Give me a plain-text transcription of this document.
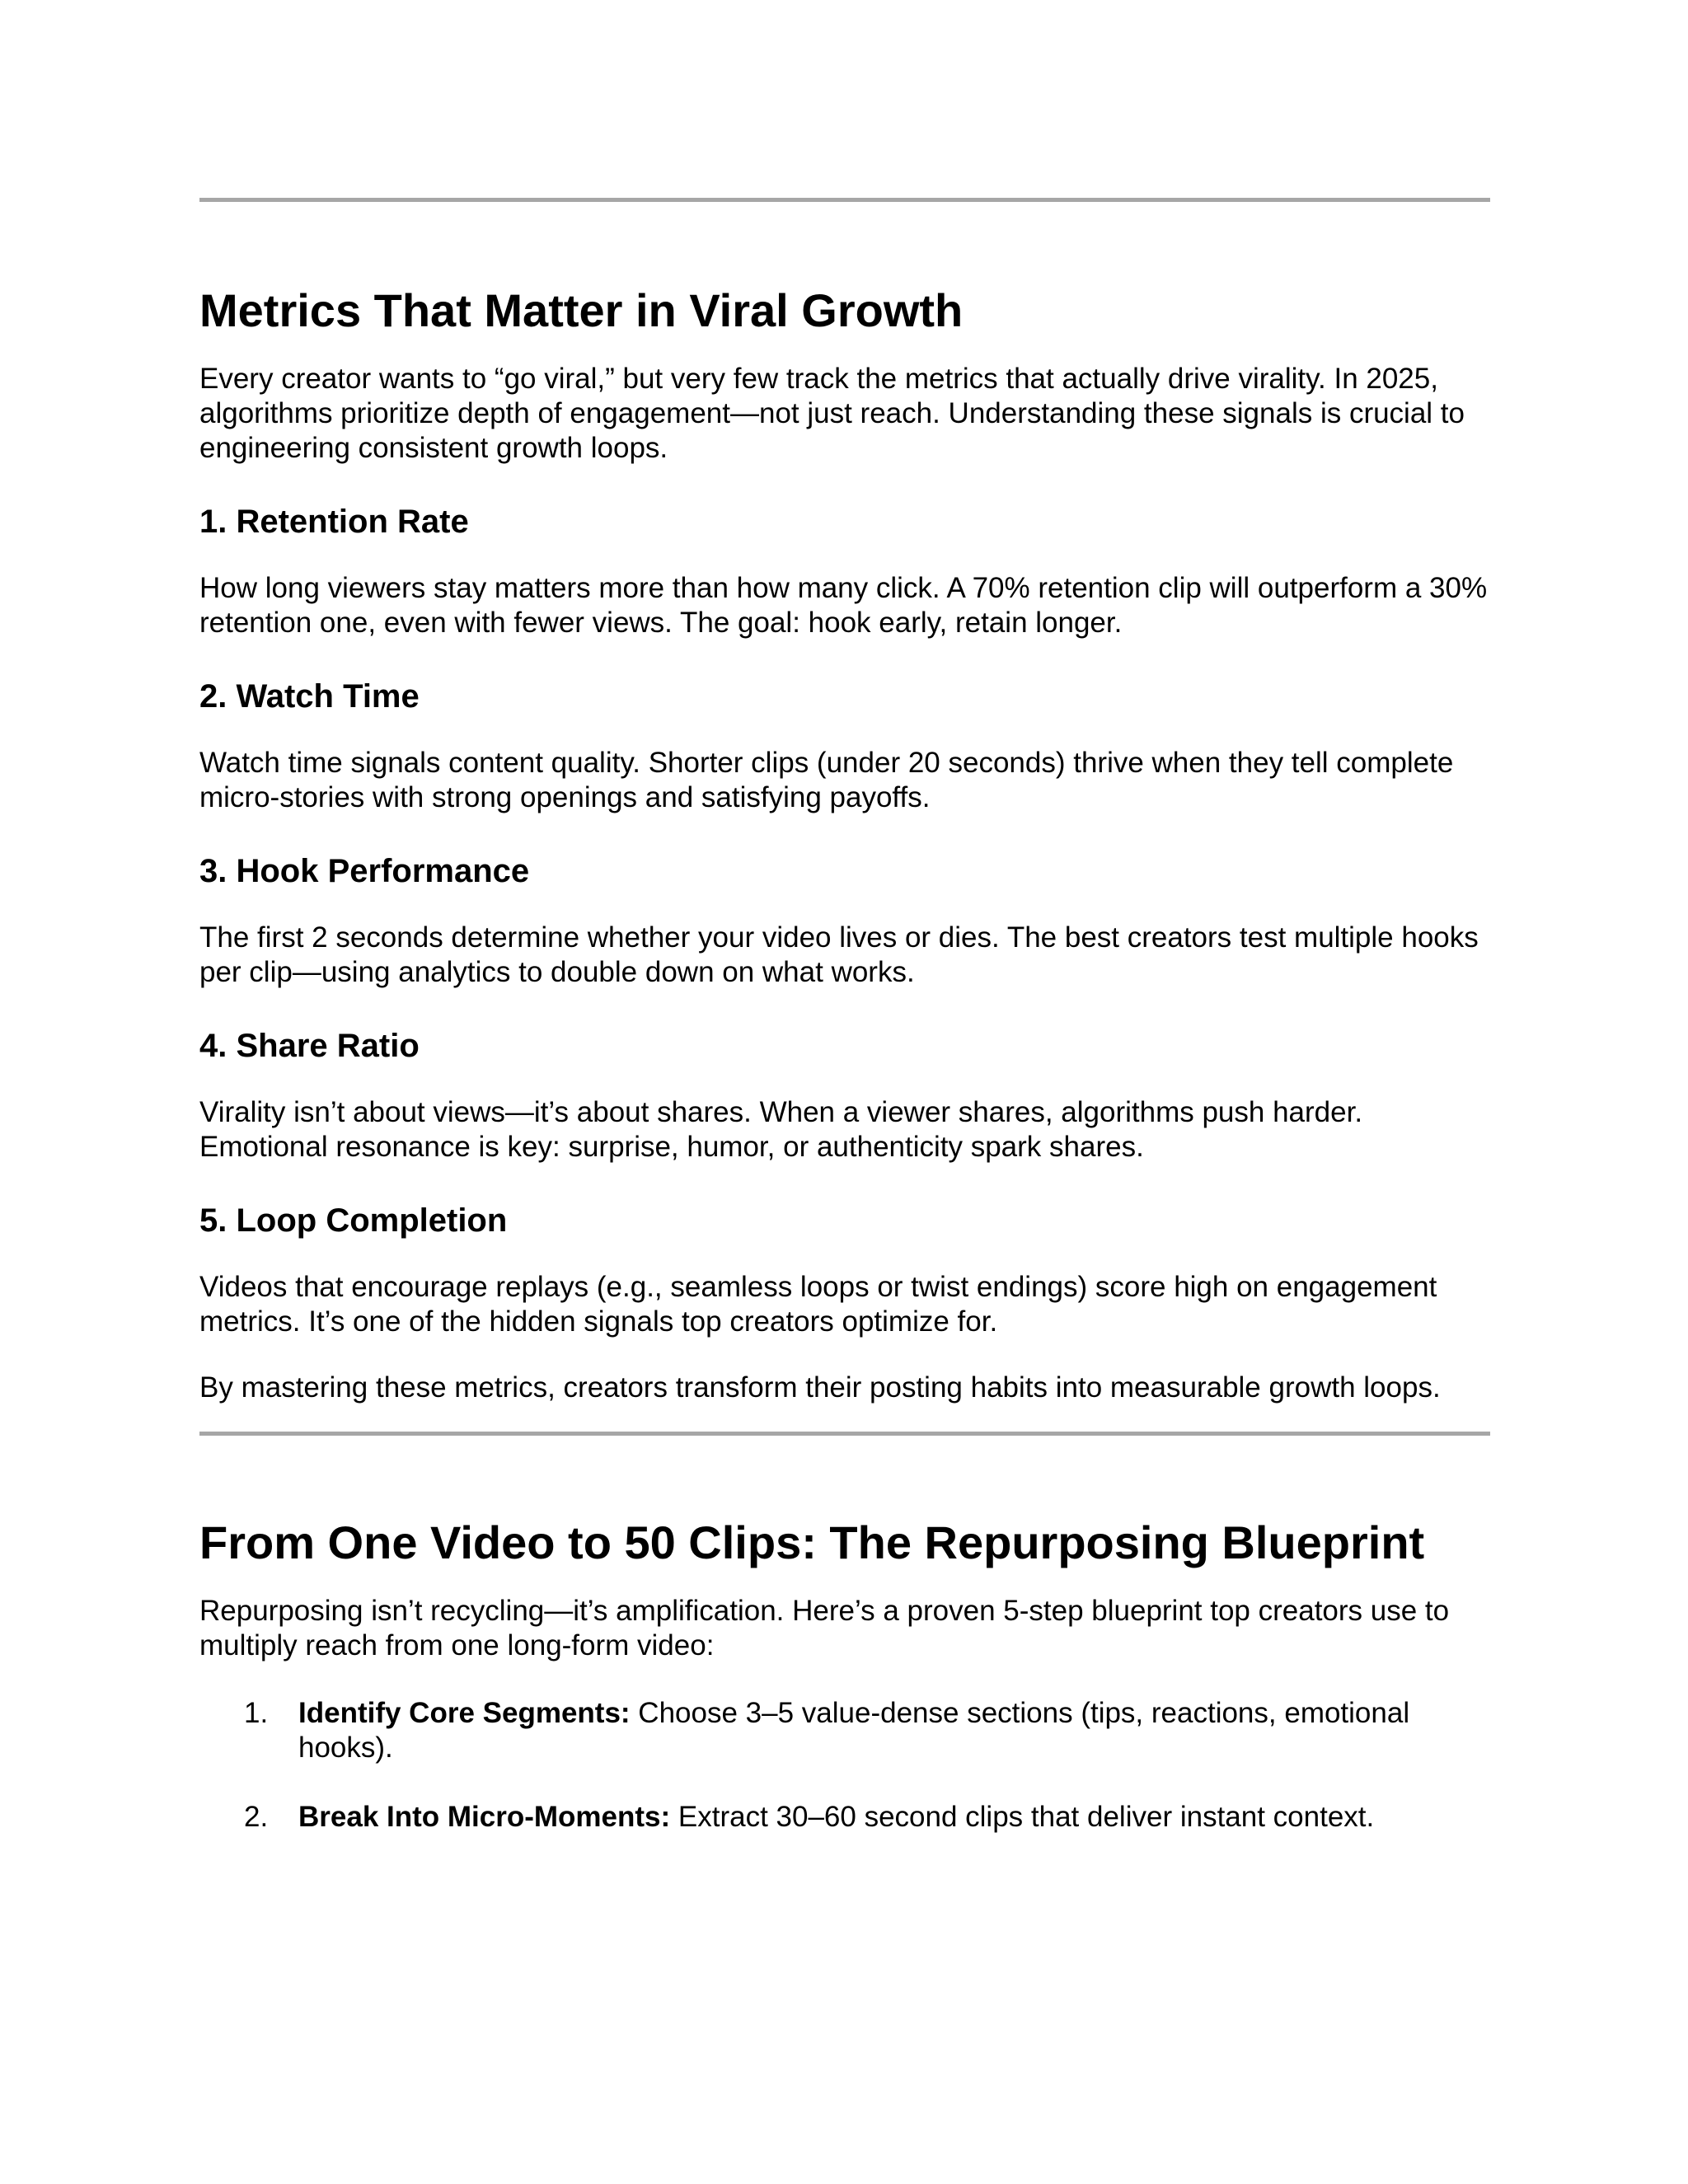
Metrics That Matter in Viral Growth

Every creator wants to “go viral,” but very few track the metrics that actually drive virality. In 2025, algorithms prioritize depth of engagement—not just reach. Understanding these signals is crucial to engineering consistent growth loops.

1. Retention Rate

How long viewers stay matters more than how many click. A 70% retention clip will outperform a 30% retention one, even with fewer views. The goal: hook early, retain longer.

2. Watch Time

Watch time signals content quality. Shorter clips (under 20 seconds) thrive when they tell complete micro-stories with strong openings and satisfying payoffs.

3. Hook Performance

The first 2 seconds determine whether your video lives or dies. The best creators test multiple hooks per clip—using analytics to double down on what works.

4. Share Ratio

Virality isn’t about views—it’s about shares. When a viewer shares, algorithms push harder. Emotional resonance is key: surprise, humor, or authenticity spark shares.

5. Loop Completion

Videos that encourage replays (e.g., seamless loops or twist endings) score high on engagement metrics. It’s one of the hidden signals top creators optimize for.

By mastering these metrics, creators transform their posting habits into measurable growth loops.

From One Video to 50 Clips: The Repurposing Blueprint

Repurposing isn’t recycling—it’s amplification. Here’s a proven 5-step blueprint top creators use to multiply reach from one long-form video:

1. Identify Core Segments: Choose 3–5 value-dense sections (tips, reactions, emotional hooks).
2. Break Into Micro-Moments: Extract 30–60 second clips that deliver instant context.
